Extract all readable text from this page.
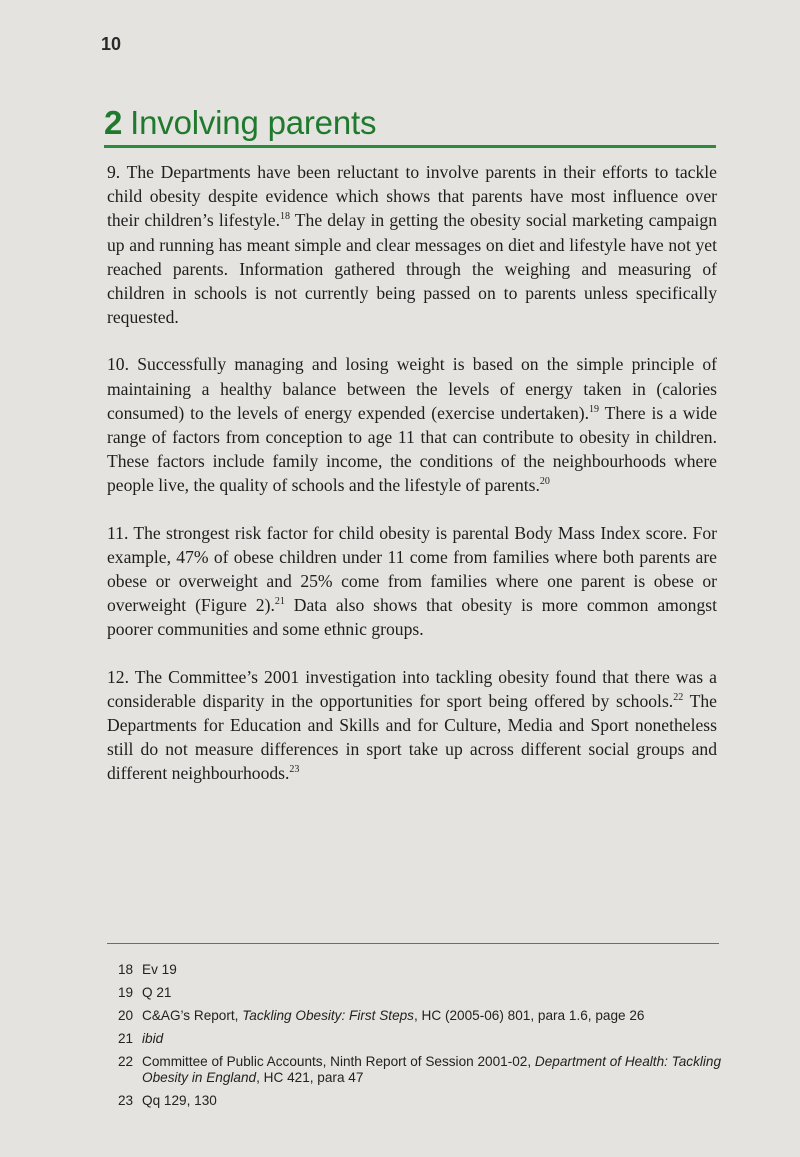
10
2 Involving parents

9. The Departments have been reluctant to involve parents in their efforts to tackle child obesity despite evidence which shows that parents have most influence over their children’s lifestyle.$^{18}$ The delay in getting the obesity social marketing campaign up and running has meant simple and clear messages on diet and lifestyle have not yet reached parents. Information gathered through the weighing and measuring of children in schools is not currently being passed on to parents unless specifically requested.

10. Successfully managing and losing weight is based on the simple principle of maintaining a healthy balance between the levels of energy taken in (calories consumed) to the levels of energy expended (exercise undertaken).$^{19}$ There is a wide range of factors from conception to age 11 that can contribute to obesity in children. These factors include family income, the conditions of the neighbourhoods where people live, the quality of schools and the lifestyle of parents.$^{20}$

11. The strongest risk factor for child obesity is parental Body Mass Index score. For example, 47% of obese children under 11 come from families where both parents are obese or overweight and 25% come from families where one parent is obese or overweight (Figure 2).$^{21}$ Data also shows that obesity is more common amongst poorer communities and some ethnic groups.

12. The Committee’s 2001 investigation into tackling obesity found that there was a considerable disparity in the opportunities for sport being offered by schools.$^{22}$ The Departments for Education and Skills and for Culture, Media and Sport nonetheless still do not measure differences in sport take up across different social groups and different neighbourhoods.$^{23}$

18 Ev 19
19 Q 21
20 C&AG’s Report, Tackling Obesity: First Steps, HC (2005-06) 801, para 1.6, page 26
21 ibid
22 Committee of Public Accounts, Ninth Report of Session 2001-02, Department of Health: Tackling Obesity in England, HC 421, para 47
23 Qq 129, 130
